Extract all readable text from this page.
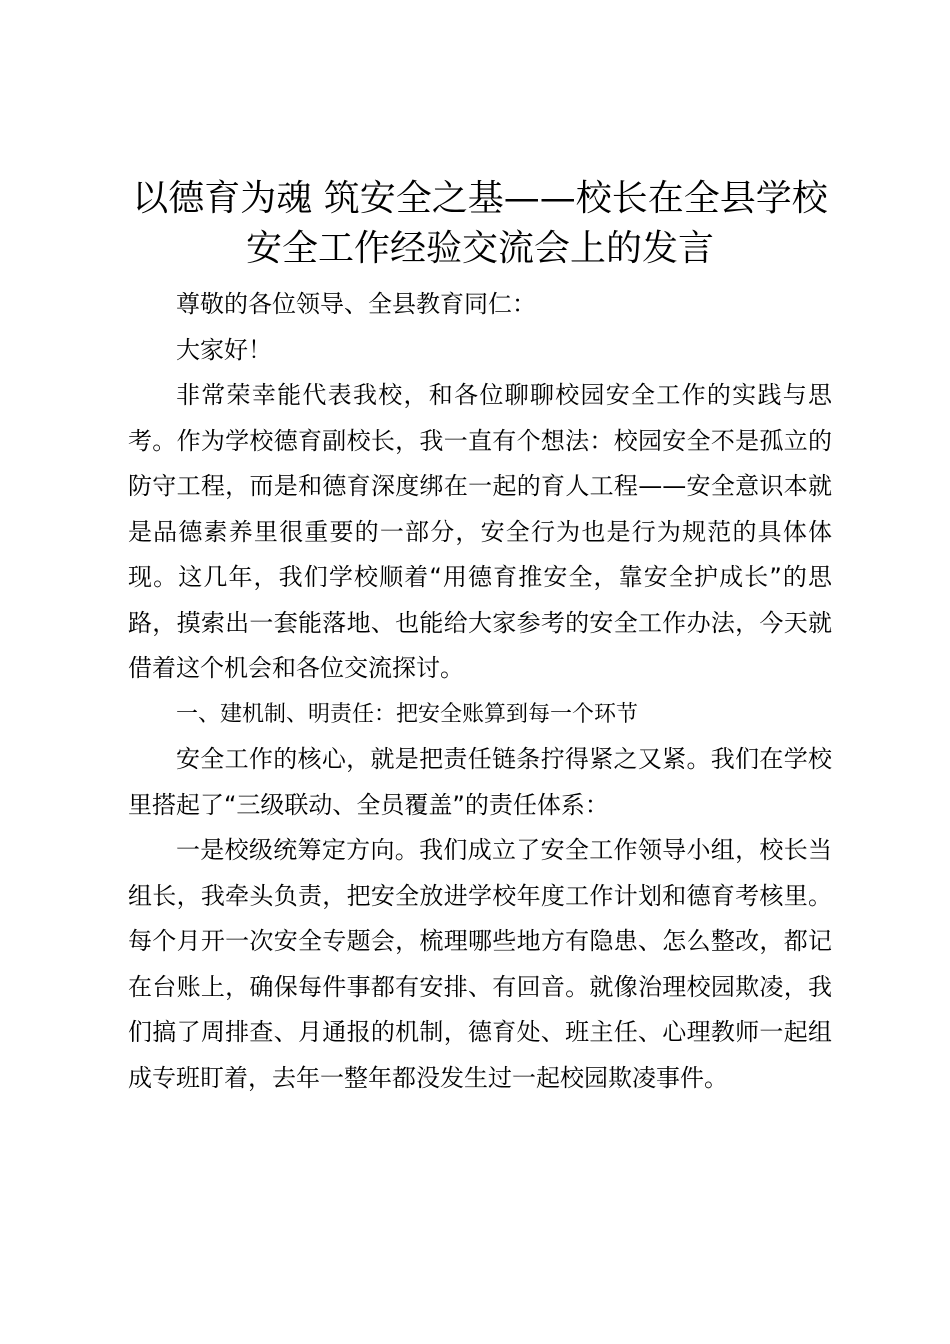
以德育为魂 筑安全之基——校长在全县学校
安全工作经验交流会上的发言

尊敬的各位领导、全县教育同仁：

大家好！

非常荣幸能代表我校，和各位聊聊校园安全工作的实践与思考。作为学校德育副校长，我一直有个想法：校园安全不是孤立的防守工程，而是和德育深度绑在一起的育人工程——安全意识本就是品德素养里很重要的一部分，安全行为也是行为规范的具体体现。这几年，我们学校顺着“用德育推安全，靠安全护成长”的思路，摸索出一套能落地、也能给大家参考的安全工作办法，今天就借着这个机会和各位交流探讨。

一、建机制、明责任：把安全账算到每一个环节

安全工作的核心，就是把责任链条拧得紧之又紧。我们在学校里搭起了“三级联动、全员覆盖”的责任体系：

一是校级统筹定方向。我们成立了安全工作领导小组，校长当组长，我牵头负责，把安全放进学校年度工作计划和德育考核里。每个月开一次安全专题会，梳理哪些地方有隐患、怎么整改，都记在台账上，确保每件事都有安排、有回音。就像治理校园欺凌，我们搞了周排查、月通报的机制，德育处、班主任、心理教师一起组成专班盯着，去年一整年都没发生过一起校园欺凌事件。
